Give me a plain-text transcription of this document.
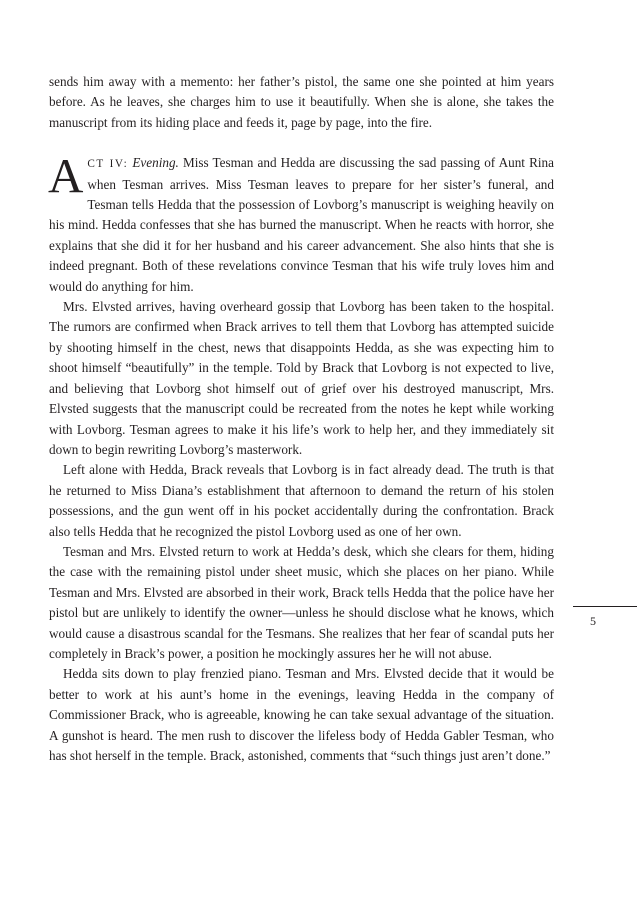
sends him away with a memento: her father’s pistol, the same one she pointed at him years before. As he leaves, she charges him to use it beautifully. When she is alone, she takes the manuscript from its hiding place and feeds it, page by page, into the fire.

ACT IV: Evening. Miss Tesman and Hedda are discussing the sad passing of Aunt Rina when Tesman arrives. Miss Tesman leaves to prepare for her sister’s funeral, and Tesman tells Hedda that the possession of Lovborg’s manuscript is weighing heavily on his mind. Hedda confesses that she has burned the manuscript. When he reacts with horror, she explains that she did it for her husband and his career advancement. She also hints that she is indeed pregnant. Both of these revelations convince Tesman that his wife truly loves him and would do anything for him.

Mrs. Elvsted arrives, having overheard gossip that Lovborg has been taken to the hospital. The rumors are confirmed when Brack arrives to tell them that Lovborg has attempted suicide by shooting himself in the chest, news that disappoints Hedda, as she was expecting him to shoot himself “beautifully” in the temple. Told by Brack that Lovborg is not expected to live, and believing that Lovborg shot himself out of grief over his destroyed manuscript, Mrs. Elvsted suggests that the manuscript could be recreated from the notes he kept while working with Lovborg. Tesman agrees to make it his life’s work to help her, and they immediately sit down to begin rewriting Lovborg’s masterwork.

Left alone with Hedda, Brack reveals that Lovborg is in fact already dead. The truth is that he returned to Miss Diana’s establishment that afternoon to demand the return of his stolen possessions, and the gun went off in his pocket accidentally during the confrontation. Brack also tells Hedda that he recognized the pistol Lovborg used as one of her own.

Tesman and Mrs. Elvsted return to work at Hedda’s desk, which she clears for them, hiding the case with the remaining pistol under sheet music, which she places on her piano. While Tesman and Mrs. Elvsted are absorbed in their work, Brack tells Hedda that the police have her pistol but are unlikely to identify the owner—unless he should disclose what he knows, which would cause a disastrous scandal for the Tesmans. She realizes that her fear of scandal puts her completely in Brack’s power, a position he mockingly assures her he will not abuse.

Hedda sits down to play frenzied piano. Tesman and Mrs. Elvsted decide that it would be better to work at his aunt’s home in the evenings, leaving Hedda in the company of Commissioner Brack, who is agreeable, knowing he can take sexual advantage of the situation. A gunshot is heard. The men rush to discover the lifeless body of Hedda Gabler Tesman, who has shot herself in the temple. Brack, astonished, comments that “such things just aren’t done.”

5
